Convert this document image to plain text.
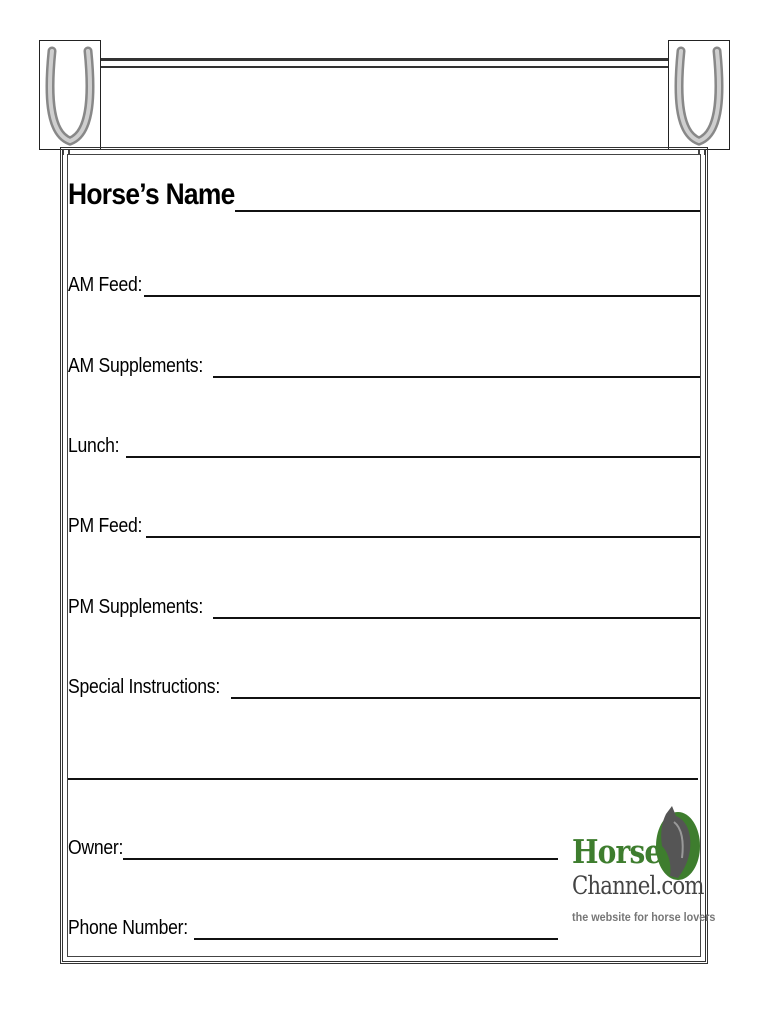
Horse’s Name
AM Feed:
AM Supplements:
Lunch:
PM Feed:
PM Supplements:
Special Instructions:
Owner:
Phone Number:
Horse
Channel.com
the website for horse lovers
